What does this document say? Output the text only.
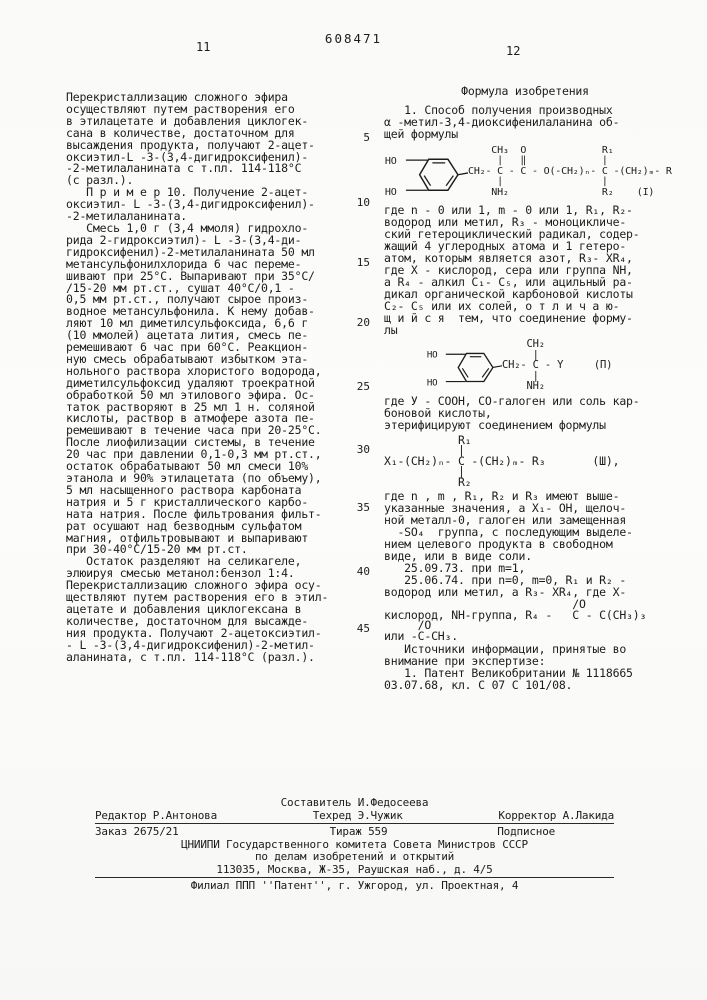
608471
11	12
5
10
15
20
25
30
35
40
45

Перекристаллизацию сложного эфира
осуществляют путем растворения его
в этилацетате и добавления циклогек-
сана в количестве, достаточном для
высаждения продукта, получают 2-ацет-
оксиэтил-L -3-(3,4-дигидроксифенил)-
-2-метилаланината с т.пл. 114-118°С
(с разл.).

П р и м е р 10. Получение 2-ацет-
оксиэтил- L -3-(3,4-дигидроксифенил)-
-2-метилаланината.

Смесь 1,0 г (3,4 ммоля) гидрохло-
рида 2-гидроксиэтил)- L -3-(3,4-ди-
гидроксифенил)-2-метилаланината 50 мл
метансульфонилхлорида 6 час переме-
шивают при 25°С. Выпаривают при 35°С/
/15-20 мм рт.ст., сушат 40°С/0,1 -
0,5 мм рт.ст., получают сырое произ-
водное метансульфонила. К нему добав-
ляют 10 мл диметилсульфоксида, 6,6 г
(10 ммолей) ацетата лития, смесь пе-
ремешивают 6 час при 60°С. Реакцион-
ную смесь обрабатывают избытком эта-
нольного раствора хлористого водорода,
диметилсульфоксид удаляют троекратной
обработкой 50 мл этилового эфира. Ос-
таток растворяют в 25 мл 1 н. соляной
кислоты, раствор в атмофере азота пе-
ремешивают в течение часа при 20-25°С.
После лиофилизации системы, в течение
20 час при давлении 0,1-0,3 мм рт.ст.,
остаток обрабатывают 50 мл смеси 10%
этанола и 90% этилацетата (по объему),
5 мл насыщенного раствора карбоната
натрия и 5 г кристаллического карбо-
ната натрия. После фильтрования фильт-
рат осушают над безводным сульфатом
магния, отфильтровывают и выпаривают
при 30-40°С/15-20 мм рт.ст.

Остаток разделяют на селикагеле,
элюируя смесью метанол:бензол 1:4.
Перекристаллизацию сложного эфира осу-
ществляют путем растворения его в этил-
ацетате и добавления циклогексана в
количестве, достаточном для высажде-
ния продукта. Получают 2-ацетоксиэтил-
- L -3-(3,4-дигидроксифенил)-2-метил-
аланината, с т.пл. 114-118°С (разл.).

Формула изобретения

1. Способ получения производных
α -метил-3,4-диоксифенилаланина об-
щей формулы

HO
HO
CH₃  O             R₁
|   ‖             |
CH₂- C - C - O(-CH₂)ₙ- C -(CH₂)ₘ- R
|                 |
NH₂                R₂    (I)

где n - 0 или 1, m - 0 или 1, R₁, R₂-
водород или метил, R₃ - моноцикличе-
ский гетероциклический радикал, содер-
жащий 4 углеродных атома и 1 гетеро-
атом, которым является азот, R₃- XR₄,
где X - кислород, сера или группа NH,
а R₄ - алкил C₁- C₅, или ацильный ра-
дикал органической карбоновой кислоты
C₂- C₅ или их солей, о т л и ч а ю-
щ и й с я  тем, что соединение форму-
лы

HO
HO
CH₂
|
CH₂- C - Y     (П)
|
NH₂

где У - СООН, СО-галоген или соль кар-
боновой кислоты,
этерифицируют соединением формулы

R₁
|
X₁-(CH₂)ₙ- C -(CH₂)ₘ- R₃       (Ш),
|
R₂

где n , m , R₁, R₂ и R₃ имеют выше-
указанные значения, а X₁- ОН, щелоч-
ной металл-0, галоген или замещенная
-SO₄  группа, с последующим выделе-
нием целевого продукта в свободном
виде, или в виде соли.
25.09.73. при m=1,
25.06.74. при n=0, m=0, R₁ и R₂ -
водород или метил, а R₃- XR₄, где X-

∕O
кислород, NH-группа, R₄ -   C - C(CH₃)₃
∕O
или -C-CH₃.

Источники информации, принятые во
внимание при экспертизе:
1. Патент Великобритании № 1118665
03.07.68, кл. С 07 С 101/08.

Составитель И.Федосеева
Редактор Р.Антонова	Техред Э.Чужик	Корректор А.Лакида
Заказ 2675/21	Тираж 559	Подписное
ЦНИИПИ Государственного комитета Совета Министров СССР
по делам изобретений и открытий
113035, Москва, Ж-35, Раушская наб., д. 4/5
Филиал ППП ''Патент'', г. Ужгород, ул. Проектная, 4
